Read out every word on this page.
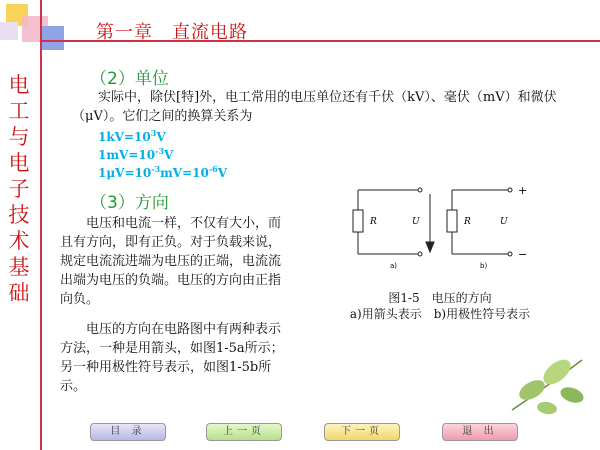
第一章　直流电路
电
工
与
电
子
技
术
基
础
（2）单位
实际中，除伏[特]外，电工常用的电压单位还有千伏（kV）、毫伏（mV）和微伏（μV）。它们之间的换算关系为
$1kV=10^3V$
$1mV=10^{-3}V$
$1\mu V=10^{-3}mV=10^{-6}V$
（3）方向
电压和电流一样，不仅有大小，而且有方向，即有正负。对于负载来说，规定电流流进端为电压的正端，电流流出端为电压的负端。电压的方向由正指向负。
电压的方向在电路图中有两种表示方法，一种是用箭头，如图1-5a所示；另一种用极性符号表示，如图1-5b所示。
R	U	R	U
+
−
a)	b)
图1-5　电压的方向
a)用箭头表示　b)用极性符号表示
目 录	上一页	下一页	退 出
